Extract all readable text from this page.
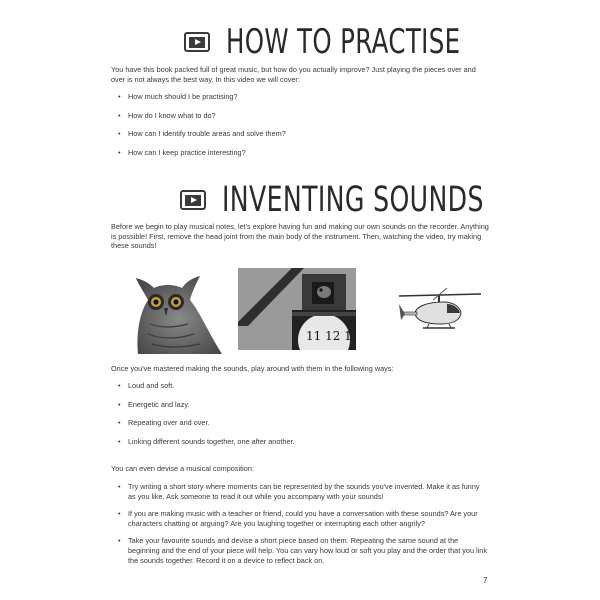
HOW TO PRACTISE

You have this book packed full of great music, but how do you actually improve? Just playing the pieces over and over is not always the best way. In this video we will cover:

• How much should I be practising?
• How do I know what to do?
• How can I identify trouble areas and solve them?
• How can I keep practice interesting?
INVENTING SOUNDS

Before we begin to play musical notes, let's explore having fun and making our own sounds on the recorder. Anything is possible! First, remove the head joint from the main body of the instrument. Then, watching the video, try making these sounds!

11 12 1

Once you've mastered making the sounds, play around with them in the following ways:

• Loud and soft.
• Energetic and lazy.
• Repeating over and over.
• Linking different sounds together, one after another.

You can even devise a musical composition:

• Try writing a short story where moments can be represented by the sounds you've invented. Make it as funny as you like. Ask someone to read it out while you accompany with your sounds!
• If you are making music with a teacher or friend, could you have a conversation with these sounds? Are your characters chatting or arguing? Are you laughing together or interrupting each other angrily?
• Take your favourite sounds and devise a short piece based on them. Repeating the same sound at the beginning and the end of your piece will help. You can vary how loud or soft you play and the order that you link the sounds together. Record it on a device to reflect back on.
7
